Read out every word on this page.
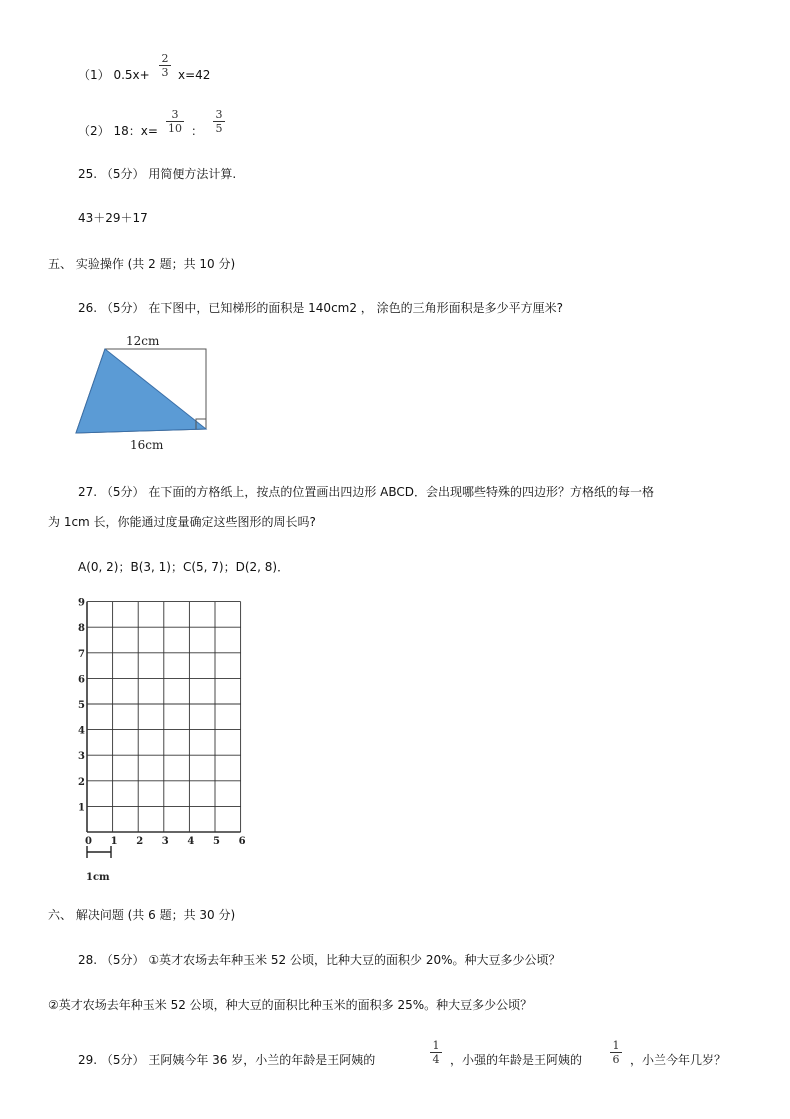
（1） 0.5x+
2
3 x=42
（2） 18：x=
3
10 ：
3
5
25. （5分） 用简便方法计算.
43＋29＋17
五、 实验操作 (共 2 题；共 10 分)
26. （5分） 在下图中，已知梯形的面积是 140cm2 ， 涂色的三角形面积是多少平方厘米?
12cm
16cm
27. （5分） 在下面的方格纸上，按点的位置画出四边形 ABCD．会出现哪些特殊的四边形？方格纸的每一格
为 1cm 长，你能通过度量确定这些图形的周长吗?
A(0, 2)；B(3, 1)；C(5, 7)；D(2, 8)．
0 1 2 3 4 5 6
1
2
3
4
5
6
7
8
9
1cm
六、 解决问题 (共 6 题；共 30 分)
28. （5分） ①英才农场去年种玉米 52 公顷，比种大豆的面积少 20%。种大豆多少公顷？
②英才农场去年种玉米 52 公顷，种大豆的面积比种玉米的面积多 25%。种大豆多少公顷？
29. （5分） 王阿姨今年 36 岁，小兰的年龄是王阿姨的
1
4 ，小强的年龄是王阿姨的
1
6 ，小兰今年几岁？
